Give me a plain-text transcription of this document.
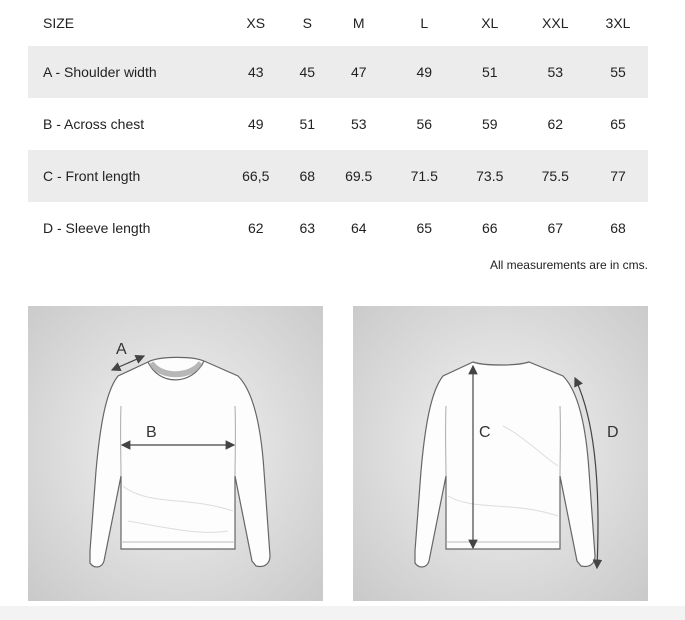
SIZE	XS	S	M	L	XL	XXL	3XL
A - Shoulder width	43	45	47	49	51	53	55
B - Across chest	49	51	53	56	59	62	65
C - Front length	66,5	68	69.5	71.5	73.5	75.5	77
D - Sleeve length	62	63	64	65	66	67	68
All measurements are in cms.
A
B	C	D
